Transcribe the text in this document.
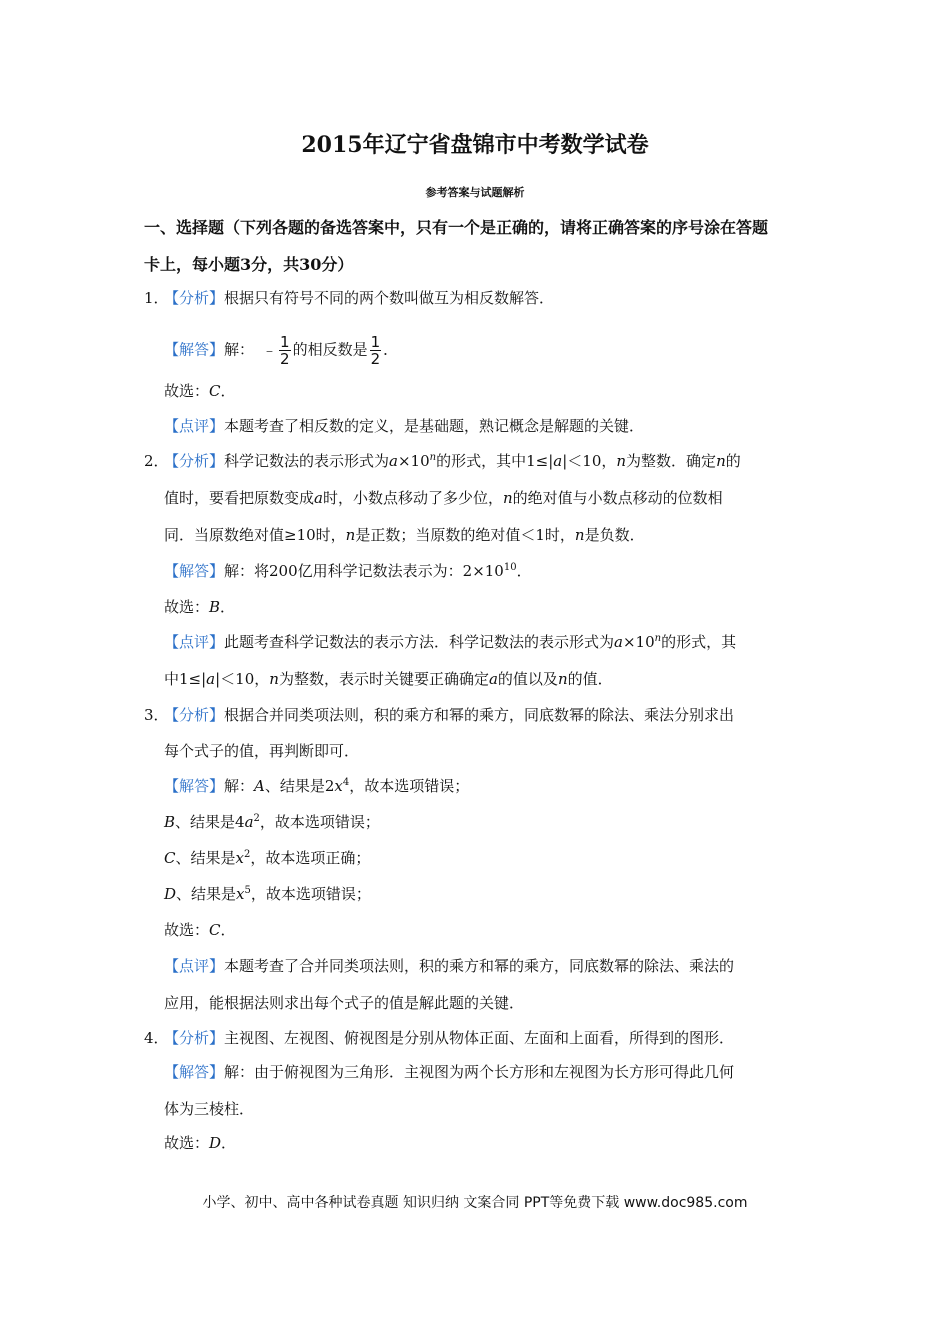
2015年辽宁省盘锦市中考数学试卷
参考答案与试题解析
一、选择题（下列各题的备选答案中，只有一个是正确的，请将正确答案的序号涂在答题
卡上，每小题3分，共30分）
1．
【分析】根据只有符号不同的两个数叫做互为相反数解答．
【解答】解： ﹣ $\frac{1}{2}$ 的相反数是 $\frac{1}{2}$ ．
故选：C．
【点评】本题考查了相反数的定义，是基础题，熟记概念是解题的关键．
2．
【分析】科学记数法的表示形式为$a\times 10^n$的形式，其中1≤|a|＜10，n为整数．确定n的
值时，要看把原数变成a时，小数点移动了多少位，n的绝对值与小数点移动的位数相
同．当原数绝对值≥10时，n是正数；当原数的绝对值＜1时，n是负数．
【解答】解：将200亿用科学记数法表示为：$2\times 10^{10}$．
故选：B．
【点评】此题考查科学记数法的表示方法．科学记数法的表示形式为$a\times 10^n$的形式，其
中1≤|a|＜10，n为整数，表示时关键要正确确定a的值以及n的值．
3．
【分析】根据合并同类项法则，积的乘方和幂的乘方，同底数幂的除法、乘法分别求出
每个式子的值，再判断即可．
【解答】解：A、结果是$2x^4$，故本选项错误；
B、结果是$4a^2$，故本选项错误；
C、结果是$x^2$，故本选项正确；
D、结果是$x^5$，故本选项错误；
故选：C．
【点评】本题考查了合并同类项法则，积的乘方和幂的乘方，同底数幂的除法、乘法的
应用，能根据法则求出每个式子的值是解此题的关键．
4．
【分析】主视图、左视图、俯视图是分别从物体正面、左面和上面看，所得到的图形．
【解答】解：由于俯视图为三角形．主视图为两个长方形和左视图为长方形可得此几何
体为三棱柱．
故选：D．
小学、初中、高中各种试卷真题 知识归纳 文案合同 PPT等免费下载 www.doc985.com
